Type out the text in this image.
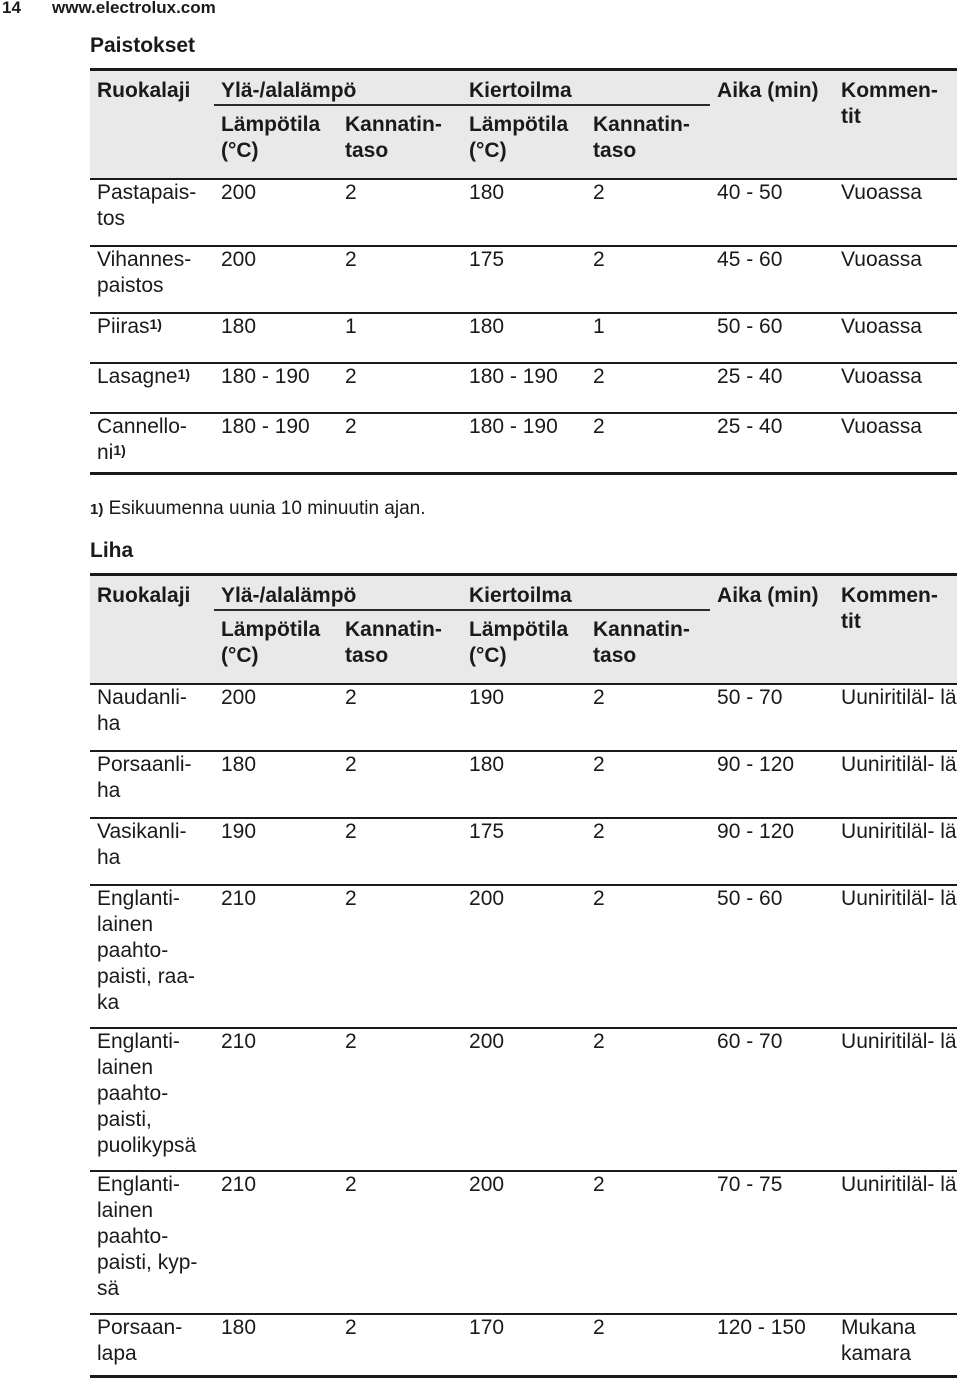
14 www.electrolux.com
Paistokset
Ruokalaji	Ylä-/alalämpö		Kiertoilma		Aika (min)	Kommen- tit
	Lämpötila (°C)	Kannatin- taso	Lämpötila (°C)	Kannatin- taso		
Pastapais- tos	200	2	180	2	40 - 50	Vuoassa
Vihannes- paistos	200	2	175	2	45 - 60	Vuoassa
Piiras$^{1)}$	180	1	180	1	50 - 60	Vuoassa
Lasagne$^{1)}$	180 - 190	2	180 - 190	2	25 - 40	Vuoassa
Cannello- $ni^{1)}$	180 - 190	2	180 - 190	2	25 - 40	Vuoassa
1) Esikuumenna uunia 10 minuutin ajan.
Liha
Ruokalaji	Ylä-/alalämpö		Kiertoilma		Aika (min)	Kommen- tit
	Lämpötila (°C)	Kannatin- taso	Lämpötila (°C)	Kannatin- taso		
Naudanli- ha	200	2	190	2	50 - 70	Uuniritiläl- lä
Porsaanli- ha	180	2	180	2	90 - 120	Uuniritiläl- lä
Vasikanli- ha	190	2	175	2	90 - 120	Uuniritiläl- lä
Englanti- lainen paahto- paisti, raa- ka	210	2	200	2	50 - 60	Uuniritiläl- lä
Englanti- lainen paahto- paisti, puolikypsä	210	2	200	2	60 - 70	Uuniritiläl- lä
Englanti- lainen paahto- paisti, kyp- sä	210	2	200	2	70 - 75	Uuniritiläl- lä
Porsaan- lapa	180	2	170	2	120 - 150	Mukana kamara
